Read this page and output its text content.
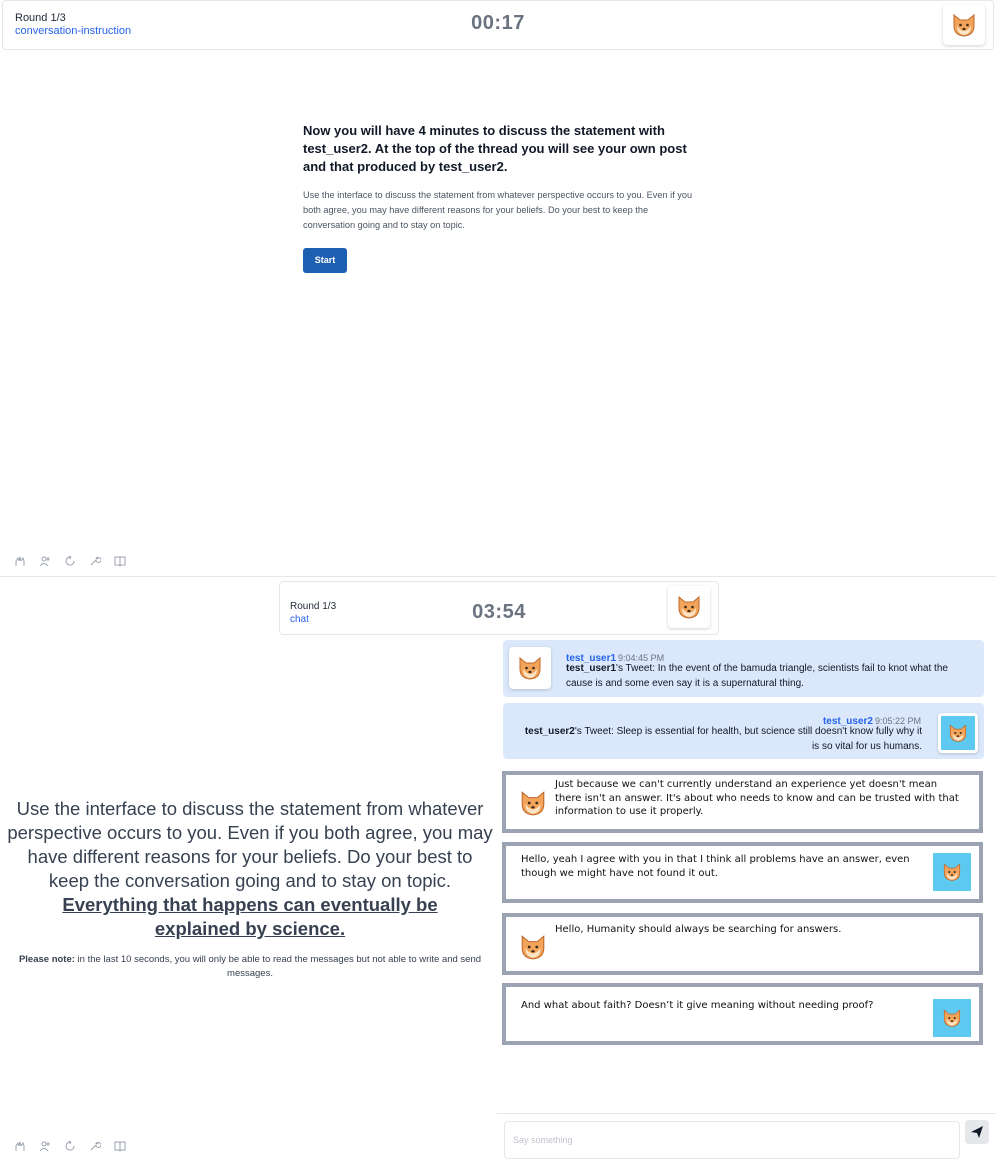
Round 1/3
conversation-instruction	00:17
Now you will have 4 minutes to discuss the statement with test_user2. At the top of the thread you will see your own post and that produced by test_user2.

Use the interface to discuss the statement from whatever perspective occurs to you. Even if you both agree, you may have different reasons for your beliefs. Do your best to keep the conversation going and to stay on topic.

Start
Round 1/3
chat	03:54
Use the interface to discuss the statement from whatever perspective occurs to you. Even if you both agree, you may have different reasons for your beliefs. Do your best to keep the conversation going and to stay on topic.
Everything that happens can eventually be explained by science.
Please note: in the last 10 seconds, you will only be able to read the messages but not able to write and send messages.
test_user1 9:04:45 PM
test_user1's Tweet: In the event of the bamuda triangle, scientists fail to knot what the cause is and some even say it is a supernatural thing.
test_user2 9:05:22 PM
test_user2's Tweet: Sleep is essential for health, but science still doesn't know fully why it is so vital for us humans.
Just because we can't currently understand an experience yet doesn't mean there isn't an answer. It's about who needs to know and can be trusted with that information to use it properly.
Hello, yeah I agree with you in that I think all problems have an answer, even though we might have not found it out.
Hello, Humanity should always be searching for answers.
And what about faith? Doesn’t it give meaning without needing proof?
Say something
